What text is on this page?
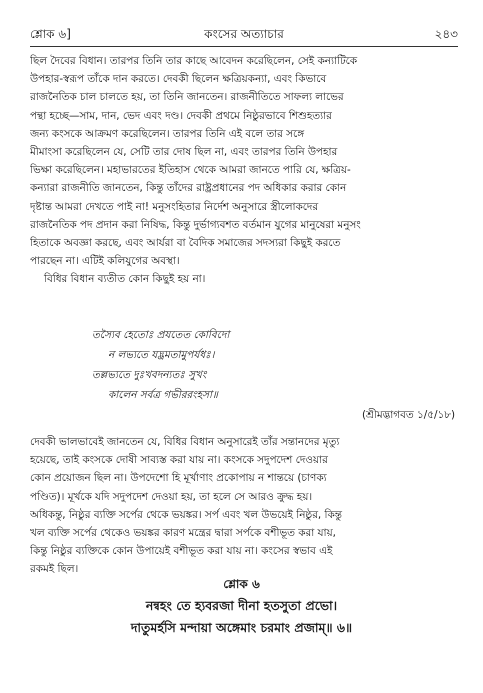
শ্লোক ৬]	কংসের অত্যাচার	২৪৩
ছিল দৈবের বিধান। তারপর তিনি তার কাছে আবেদন করেছিলেন, সেই কন্যাটিকে
উপহার-স্বরূপ তাঁকে দান করতে। দেবকী ছিলেন ক্ষত্রিয়কন্যা, এবং কিভাবে
রাজনৈতিক চাল চালতে হয়, তা তিনি জানতেন। রাজনীতিতে সাফল্য লাভের
পন্থা হচ্ছে—সাম, দান, ভেদ এবং দণ্ড। দেবকী প্রথমে নিষ্ঠুরভাবে শিশুহত্যার
জন্য কংসকে আক্রমণ করেছিলেন। তারপর তিনি এই বলে তার সঙ্গে
মীমাংসা করেছিলেন যে, সেটি তার দোষ ছিল না, এবং তারপর তিনি উপহার
ভিক্ষা করেছিলেন। মহাভারতের ইতিহাস থেকে আমরা জানতে পারি যে, ক্ষত্রিয়-
কন্যারা রাজনীতি জানতেন, কিন্তু তাঁদের রাষ্ট্রপ্রধানের পদ অধিকার করার কোন
দৃষ্টান্ত আমরা দেখতে পাই না! মনুসংহিতার নির্দেশ অনুসারে স্ত্রীলোকদের
রাজনৈতিক পদ প্রদান করা নিষিদ্ধ, কিন্তু দুর্ভাগ্যবশত বর্তমান যুগের মানুষেরা মনুসং
হিতাকে অবজ্ঞা করছে, এবং আর্যরা বা বৈদিক সমাজের সদস্যরা কিছুই করতে
পারছেন না। এটিই কলিযুগের অবস্থা।
বিধির বিধান ব্যতীত কোন কিছুই হয় না।
তস্যৈব হেতোঃ প্রযতেত কোবিদো
ন লভ্যতে যদ্ভ্রমতামুপর্যধঃ।
তল্লভ্যতে দুঃখবদন্যতঃ সুখং
কালেন সর্বত্র গভীররংহসা॥
(শ্রীমদ্ভাগবত ১/৫/১৮)
দেবকী ভালভাবেই জানতেন যে, বিধির বিধান অনুসারেই তাঁর সন্তানদের মৃত্যু
হয়েছে, তাই কংসকে দোষী সাব্যস্ত করা যায় না। কংসকে সদুপদেশ দেওয়ার
কোন প্রয়োজন ছিল না। উপদেশো হি মূর্খাণাং প্রকোপায় ন শান্তয়ে (চাণক্য
পণ্ডিত)। মূর্খকে যদি সদুপদেশ দেওয়া হয়, তা হলে সে আরও ক্রুদ্ধ হয়।
অধিকন্তু, নিষ্ঠুর ব্যক্তি সর্পের থেকে ভয়ঙ্কর। সর্প এবং খল উভয়েই নিষ্ঠুর, কিন্তু
খল ব্যক্তি সর্পের থেকেও ভয়ঙ্কর কারণ মন্ত্রের দ্বারা সর্পকে বশীভূত করা যায়,
কিন্তু নিষ্ঠুর ব্যক্তিকে কোন উপায়েই বশীভূত করা যায় না। কংসের স্বভাব এই
রকমই ছিল।
শ্লোক ৬
নন্বহং তে হ্যবরজা দীনা হতসুতা প্রভো।
দাতুমর্হসি মন্দায়া অঙ্গেমাং চরমাং প্রজাম্॥ ৬॥
